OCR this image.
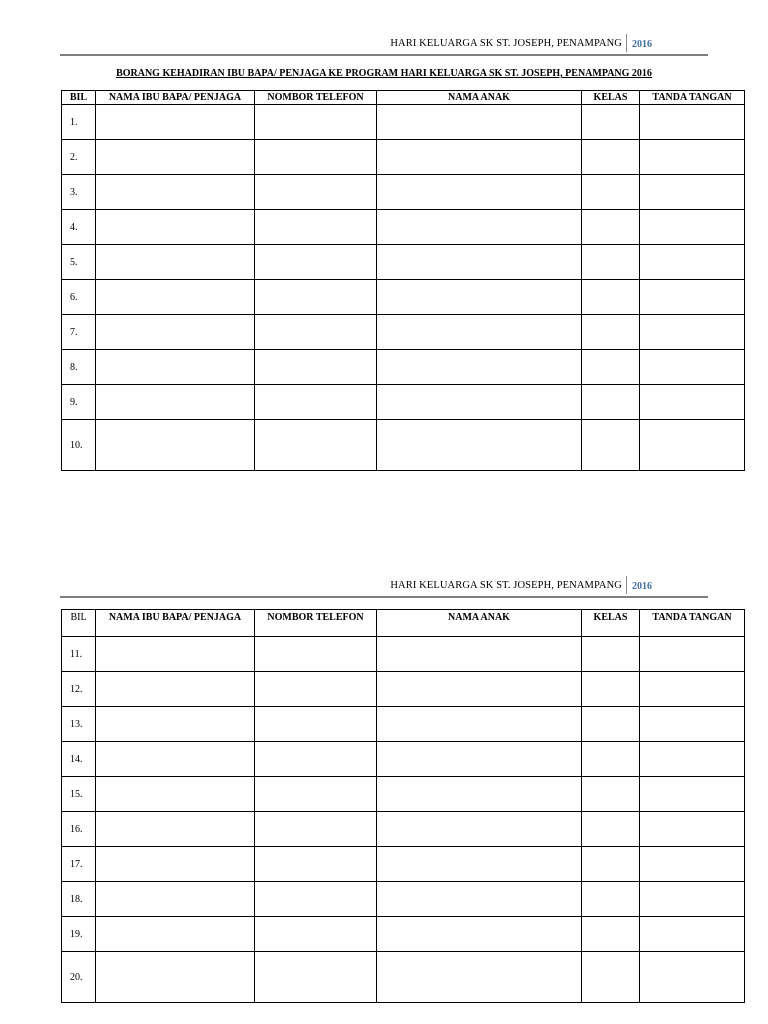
HARI KELUARGA SK ST. JOSEPH, PENAMPANG 2016
BORANG KEHADIRAN IBU BAPA/ PENJAGA KE PROGRAM HARI KELUARGA SK ST. JOSEPH, PENAMPANG 2016
BIL	NAMA IBU BAPA/ PENJAGA	NOMBOR TELEFON	NAMA ANAK	KELAS	TANDA TANGAN
1.					
2.					
3.					
4.					
5.					
6.					
7.					
8.					
9.					
10.					
HARI KELUARGA SK ST. JOSEPH, PENAMPANG 2016
BIL	NAMA IBU BAPA/ PENJAGA	NOMBOR TELEFON	NAMA ANAK	KELAS	TANDA TANGAN
11.					
12.					
13.					
14.					
15.					
16.					
17.					
18.					
19.					
20.					
